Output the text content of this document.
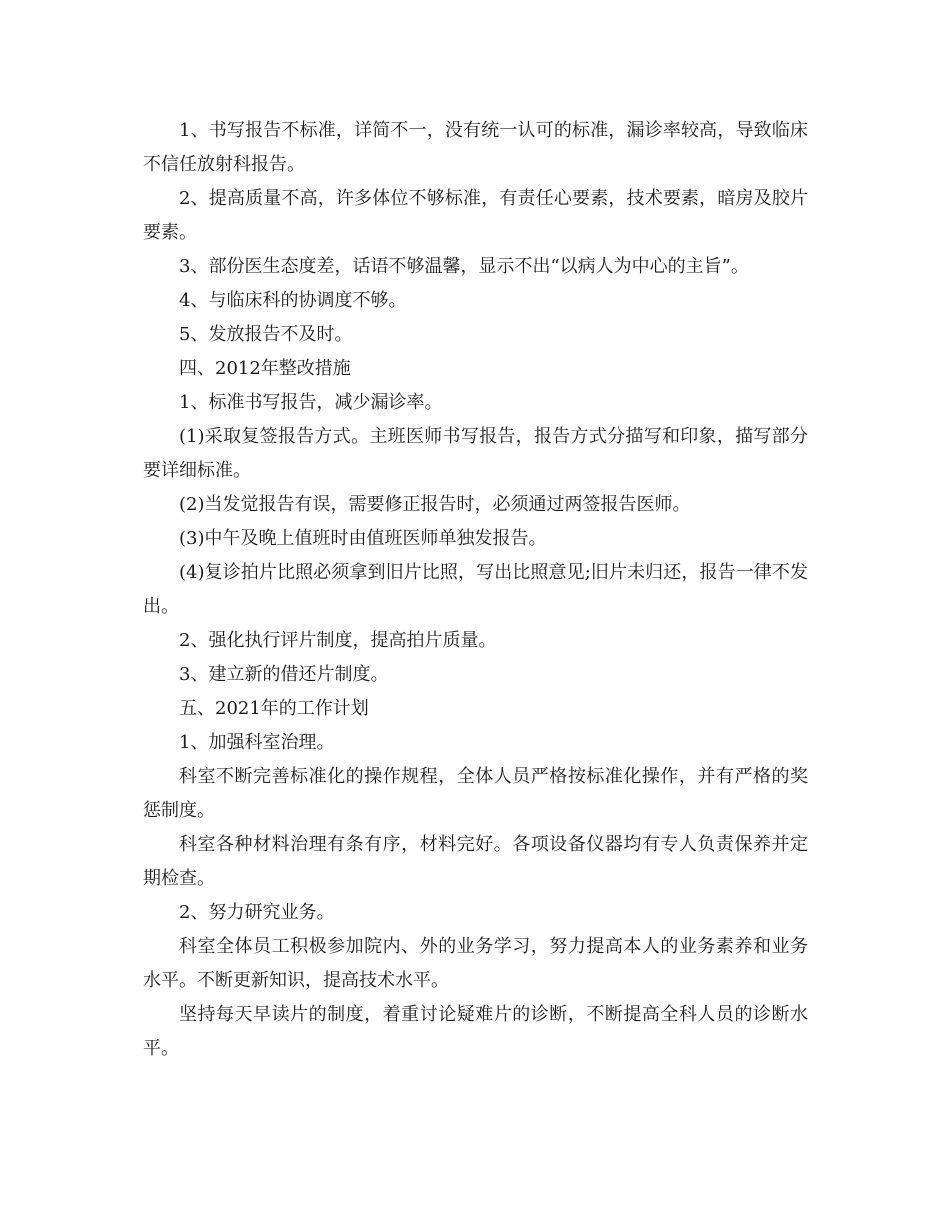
1、书写报告不标准，详简不一，没有统一认可的标准，漏诊率较高，导致临床不信任放射科报告。

2、提高质量不高，许多体位不够标准，有责任心要素，技术要素，暗房及胶片要素。

3、部份医生态度差，话语不够温馨，显示不出“以病人为中心的主旨”。

4、与临床科的协调度不够。

5、发放报告不及时。

四、2012年整改措施

1、标准书写报告，减少漏诊率。

(1)采取复签报告方式。主班医师书写报告，报告方式分描写和印象，描写部分要详细标准。

(2)当发觉报告有误，需要修正报告时，必须通过两签报告医师。

(3)中午及晚上值班时由值班医师单独发报告。

(4)复诊拍片比照必须拿到旧片比照，写出比照意见;旧片未归还，报告一律不发出。

2、强化执行评片制度，提高拍片质量。

3、建立新的借还片制度。

五、2021年的工作计划

1、加强科室治理。

科室不断完善标准化的操作规程，全体人员严格按标准化操作，并有严格的奖惩制度。

科室各种材料治理有条有序，材料完好。各项设备仪器均有专人负责保养并定期检查。

2、努力研究业务。

科室全体员工积极参加院内、外的业务学习，努力提高本人的业务素养和业务水平。不断更新知识，提高技术水平。

坚持每天早读片的制度，着重讨论疑难片的诊断，不断提高全科人员的诊断水平。
